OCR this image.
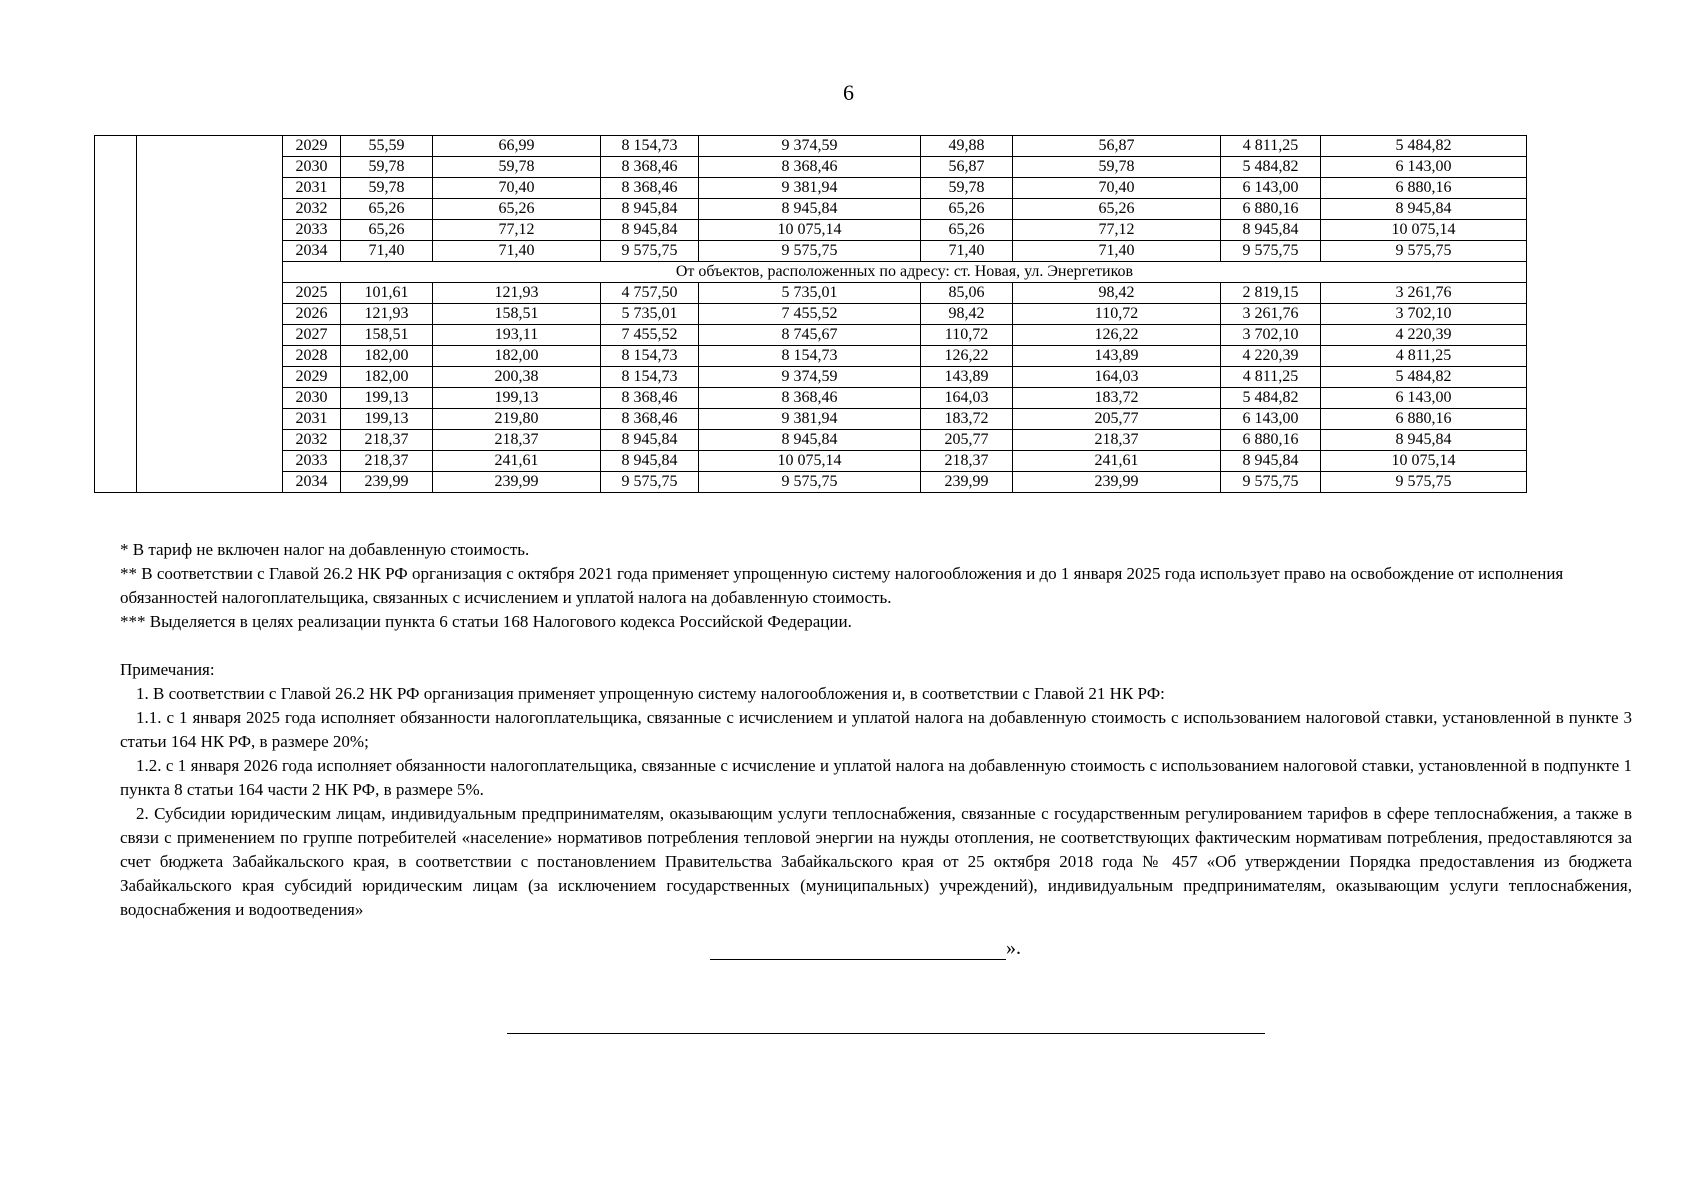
6
		2029	55,59	66,99	8 154,73	9 374,59	49,88	56,87	4 811,25	5 484,82
		2030	59,78	59,78	8 368,46	8 368,46	56,87	59,78	5 484,82	6 143,00
		2031	59,78	70,40	8 368,46	9 381,94	59,78	70,40	6 143,00	6 880,16
		2032	65,26	65,26	8 945,84	8 945,84	65,26	65,26	6 880,16	8 945,84
		2033	65,26	77,12	8 945,84	10 075,14	65,26	77,12	8 945,84	10 075,14
		2034	71,40	71,40	9 575,75	9 575,75	71,40	71,40	9 575,75	9 575,75
		От объектов, расположенных по адресу: ст. Новая, ул. Энергетиков								
		2025	101,61	121,93	4 757,50	5 735,01	85,06	98,42	2 819,15	3 261,76
		2026	121,93	158,51	5 735,01	7 455,52	98,42	110,72	3 261,76	3 702,10
		2027	158,51	193,11	7 455,52	8 745,67	110,72	126,22	3 702,10	4 220,39
		2028	182,00	182,00	8 154,73	8 154,73	126,22	143,89	4 220,39	4 811,25
		2029	182,00	200,38	8 154,73	9 374,59	143,89	164,03	4 811,25	5 484,82
		2030	199,13	199,13	8 368,46	8 368,46	164,03	183,72	5 484,82	6 143,00
		2031	199,13	219,80	8 368,46	9 381,94	183,72	205,77	6 143,00	6 880,16
		2032	218,37	218,37	8 945,84	8 945,84	205,77	218,37	6 880,16	8 945,84
		2033	218,37	241,61	8 945,84	10 075,14	218,37	241,61	8 945,84	10 075,14
		2034	239,99	239,99	9 575,75	9 575,75	239,99	239,99	9 575,75	9 575,75

* В тариф не включен налог на добавленную стоимость.

** В соответствии с Главой 26.2 НК РФ организация с октября 2021 года применяет упрощенную систему налогообложения и до 1 января 2025 года использует право на освобождение от исполнения обязанностей налогоплательщика, связанных с исчислением и уплатой налога на добавленную стоимость.

*** Выделяется в целях реализации пункта 6 статьи 168 Налогового кодекса Российской Федерации.

Примечания:

1. В соответствии с Главой 26.2 НК РФ организация применяет упрощенную систему налогообложения и, в соответствии с Главой 21 НК РФ:

1.1. с 1 января 2025 года исполняет обязанности налогоплательщика, связанные с исчислением и уплатой налога на добавленную стоимость с использованием налоговой ставки, установленной в пункте 3 статьи 164 НК РФ, в размере 20%;

1.2. с 1 января 2026 года исполняет обязанности налогоплательщика, связанные с исчисление и уплатой налога на добавленную стоимость с использованием налоговой ставки, установленной в подпункте 1 пункта 8 статьи 164 части 2 НК РФ, в размере 5%.

2. Субсидии юридическим лицам, индивидуальным предпринимателям, оказывающим услуги теплоснабжения, связанные с государственным регулированием тарифов в сфере теплоснабжения, а также в связи с применением по группе потребителей «население» нормативов потребления тепловой энергии на нужды отопления, не соответствующих фактическим нормативам потребления, предоставляются за счет бюджета Забайкальского края, в соответствии с постановлением Правительства Забайкальского края от 25 октября 2018 года № 457 «Об утверждении Порядка предоставления из бюджета Забайкальского края субсидий юридическим лицам (за исключением государственных (муниципальных) учреждений), индивидуальным предпринимателям, оказывающим услуги теплоснабжения, водоснабжения и водоотведения»

».
